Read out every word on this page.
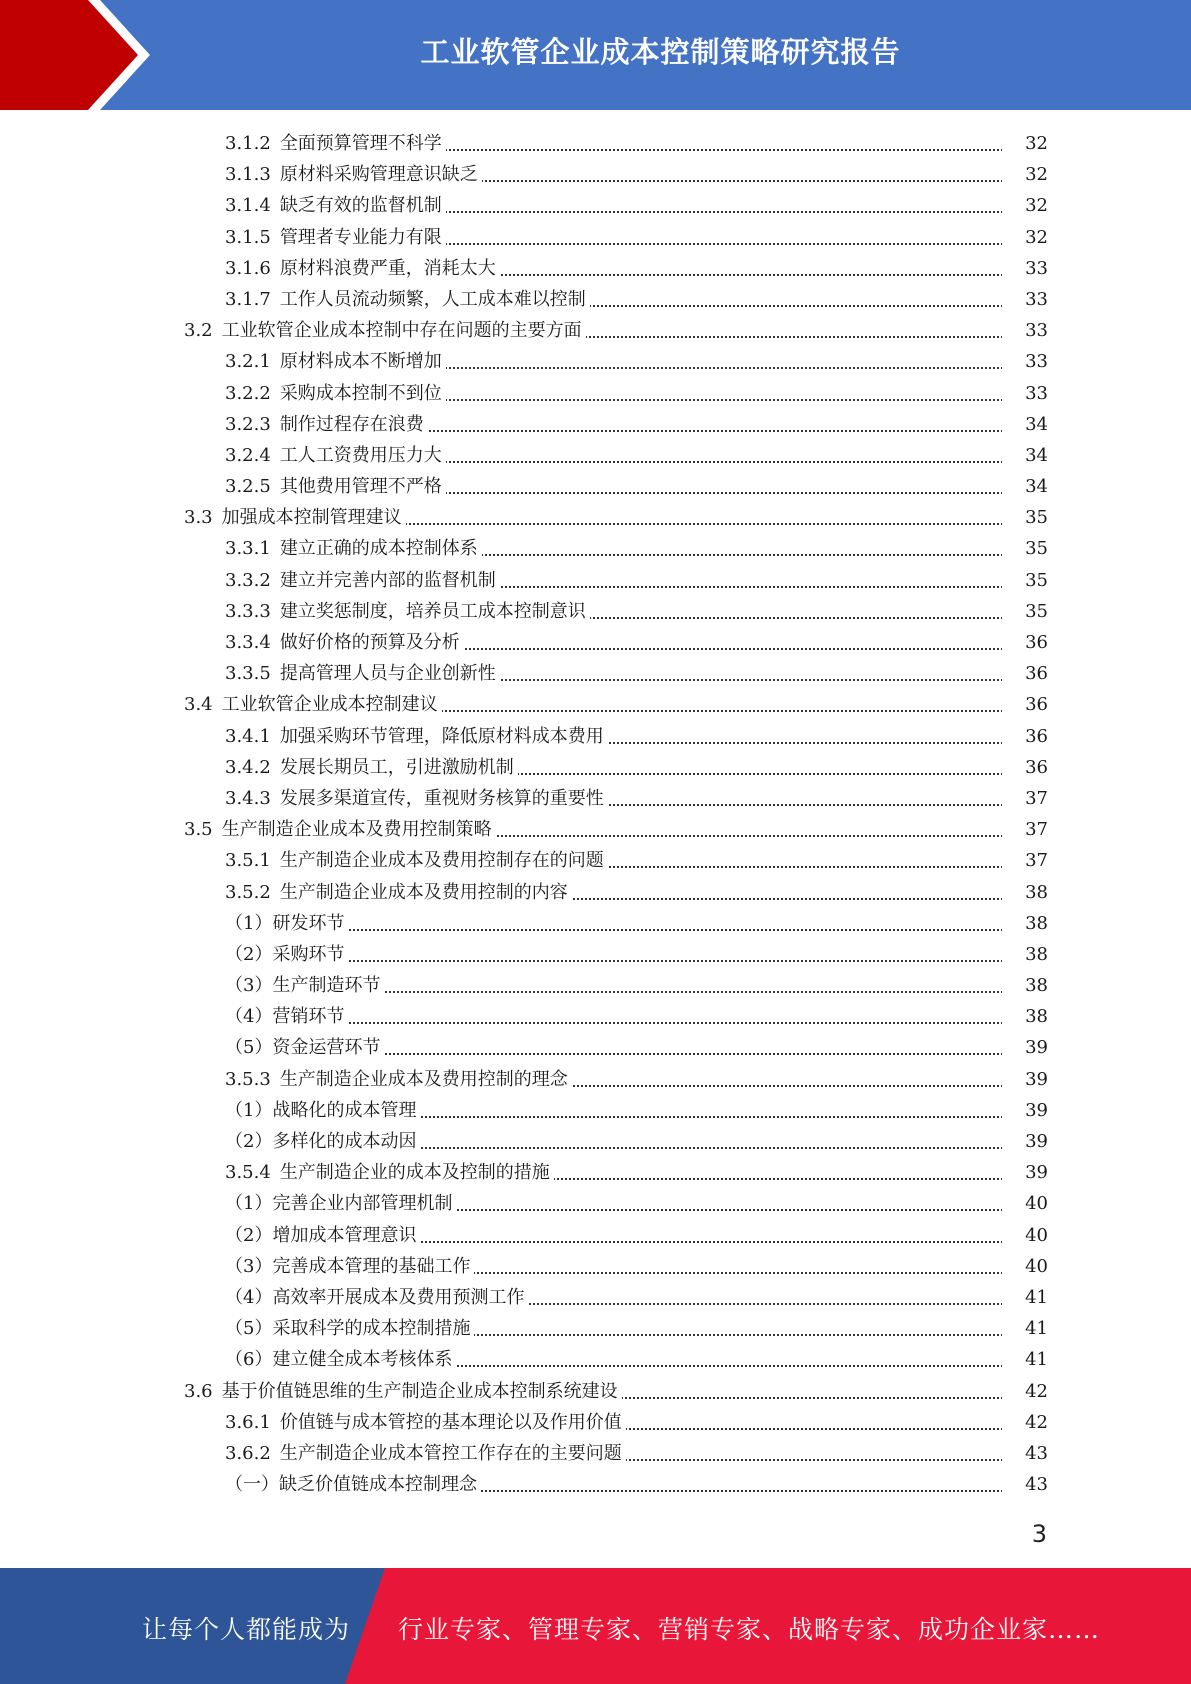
工业软管企业成本控制策略研究报告
3.1.2 全面预算管理不科学	32
3.1.3 原材料采购管理意识缺乏	32
3.1.4 缺乏有效的监督机制	32
3.1.5 管理者专业能力有限	32
3.1.6 原材料浪费严重，消耗太大	33
3.1.7 工作人员流动频繁，人工成本难以控制	33
3.2 工业软管企业成本控制中存在问题的主要方面	33
3.2.1 原材料成本不断增加	33
3.2.2 采购成本控制不到位	33
3.2.3 制作过程存在浪费	34
3.2.4 工人工资费用压力大	34
3.2.5 其他费用管理不严格	34
3.3 加强成本控制管理建议	35
3.3.1 建立正确的成本控制体系	35
3.3.2 建立并完善内部的监督机制	35
3.3.3 建立奖惩制度，培养员工成本控制意识	35
3.3.4 做好价格的预算及分析	36
3.3.5 提高管理人员与企业创新性	36
3.4 工业软管企业成本控制建议	36
3.4.1 加强采购环节管理，降低原材料成本费用	36
3.4.2 发展长期员工，引进激励机制	36
3.4.3 发展多渠道宣传，重视财务核算的重要性	37
3.5 生产制造企业成本及费用控制策略	37
3.5.1 生产制造企业成本及费用控制存在的问题	37
3.5.2 生产制造企业成本及费用控制的内容	38
（1）研发环节	38
（2）采购环节	38
（3）生产制造环节	38
（4）营销环节	38
（5）资金运营环节	39
3.5.3 生产制造企业成本及费用控制的理念	39
（1）战略化的成本管理	39
（2）多样化的成本动因	39
3.5.4 生产制造企业的成本及控制的措施	39
（1）完善企业内部管理机制	40
（2）增加成本管理意识	40
（3）完善成本管理的基础工作	40
（4）高效率开展成本及费用预测工作	41
（5）采取科学的成本控制措施	41
（6）建立健全成本考核体系	41
3.6 基于价值链思维的生产制造企业成本控制系统建设	42
3.6.1 价值链与成本管控的基本理论以及作用价值	42
3.6.2 生产制造企业成本管控工作存在的主要问题	43
（一）缺乏价值链成本控制理念	43
3
让每个人都能成为 行业专家、管理专家、营销专家、战略专家、成功企业家……
